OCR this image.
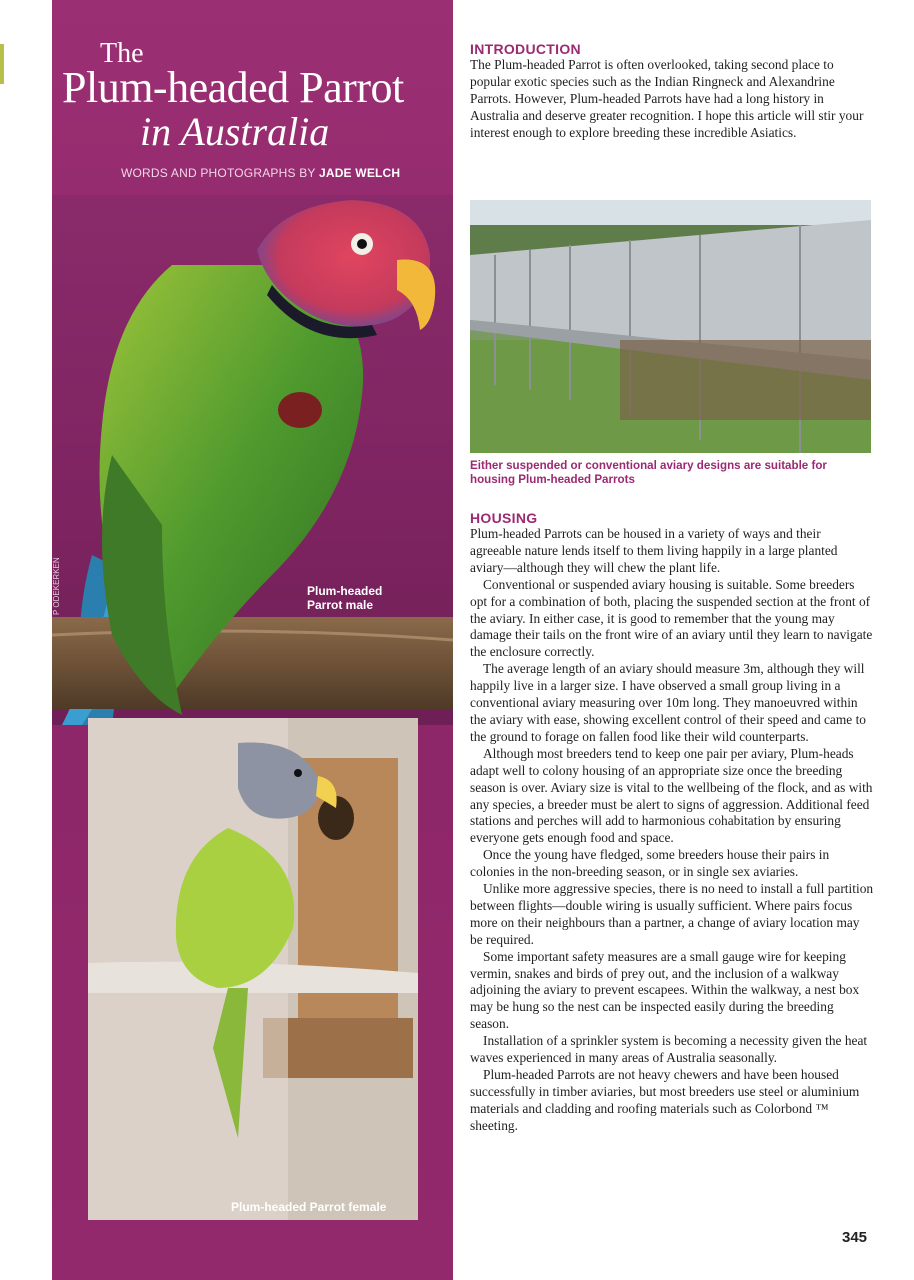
The
Plum-headed Parrot
in Australia
WORDS AND PHOTOGRAPHS BY JADE WELCH
P ODEKERKEN	Plum-headed Parrot male
Plum-headed Parrot female
INTRODUCTION

The Plum-headed Parrot is often overlooked, taking second place to popular exotic species such as the Indian Ringneck and Alexandrine Parrots. However, Plum-headed Parrots have had a long history in Australia and deserve greater recognition. I hope this article will stir your interest enough to explore breeding these incredible Asiatics.

Either suspended or conventional aviary designs are suitable for housing Plum-headed Parrots
HOUSING

Plum-headed Parrots can be housed in a variety of ways and their agreeable nature lends itself to them living happily in a large planted aviary—although they will chew the plant life.

Conventional or suspended aviary housing is suitable. Some breeders opt for a combination of both, placing the suspended section at the front of the aviary. In either case, it is good to remember that the young may damage their tails on the front wire of an aviary until they learn to navigate the enclosure correctly.

The average length of an aviary should measure 3m, although they will happily live in a larger size. I have observed a small group living in a conventional aviary measuring over 10m long. They manoeuvred within the aviary with ease, showing excellent control of their speed and came to the ground to forage on fallen food like their wild counterparts.

Although most breeders tend to keep one pair per aviary, Plum-heads adapt well to colony housing of an appropriate size once the breeding season is over. Aviary size is vital to the wellbeing of the flock, and as with any species, a breeder must be alert to signs of aggression. Additional feed stations and perches will add to harmonious cohabitation by ensuring everyone gets enough food and space.

Once the young have fledged, some breeders house their pairs in colonies in the non-breeding season, or in single sex aviaries.

Unlike more aggressive species, there is no need to install a full partition between flights—double wiring is usually sufficient. Where pairs focus more on their neighbours than a partner, a change of aviary location may be required.

Some important safety measures are a small gauge wire for keeping vermin, snakes and birds of prey out, and the inclusion of a walkway adjoining the aviary to prevent escapees. Within the walkway, a nest box may be hung so the nest can be inspected easily during the breeding season.

Installation of a sprinkler system is becoming a necessity given the heat waves experienced in many areas of Australia seasonally.

Plum-headed Parrots are not heavy chewers and have been housed successfully in timber aviaries, but most breeders use steel or aluminium materials and cladding and roofing materials such as Colorbond ™ sheeting.

345
